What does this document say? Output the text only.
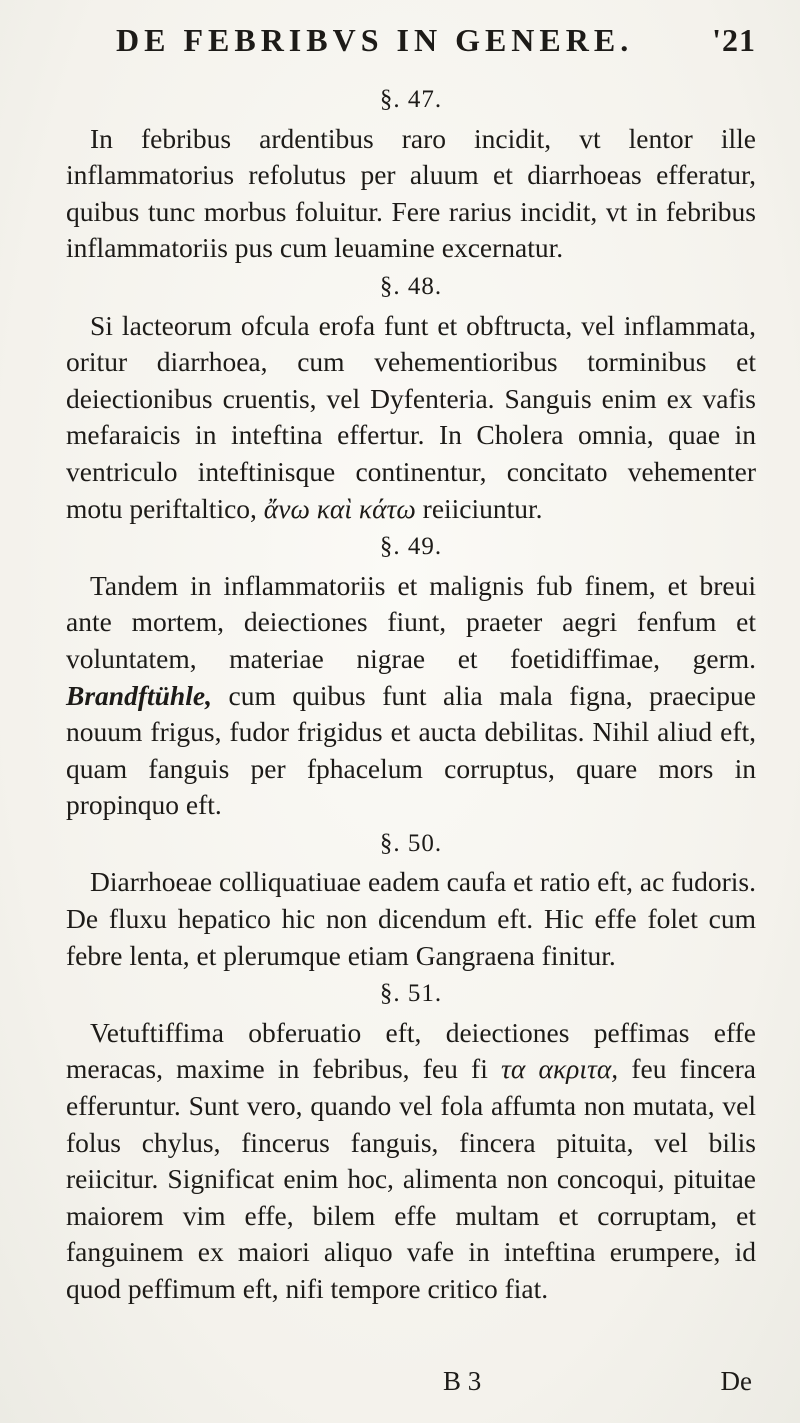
DE FEBRIBVS IN GENERE. '21
§. 47.

In febribus ardentibus raro incidit, vt lentor ille inflammatorius refolutus per aluum et diarrhoeas efferatur, quibus tunc morbus foluitur. Fere rarius incidit, vt in febribus inflammatoriis pus cum leuamine excernatur.

§. 48.

Si lacteorum ofcula erofa funt et obftructa, vel inflammata, oritur diarrhoea, cum vehementioribus torminibus et deiectionibus cruentis, vel Dyfenteria. Sanguis enim ex vafis mefaraicis in inteftina effertur. In Cholera omnia, quae in ventriculo inteftinisque continentur, concitato vehementer motu periftaltico, ἄνω καὶ κάτω reiiciuntur.

§. 49.

Tandem in inflammatoriis et malignis fub finem, et breui ante mortem, deiectiones fiunt, praeter aegri fenfum et voluntatem, materiae nigrae et foetidiffimae, germ. Brandftühle, cum quibus funt alia mala figna, praecipue nouum frigus, fudor frigidus et aucta debilitas. Nihil aliud eft, quam fanguis per fphacelum corruptus, quare mors in propinquo eft.

§. 50.

Diarrhoeae colliquatiuae eadem caufa et ratio eft, ac fudoris. De fluxu hepatico hic non dicendum eft. Hic effe folet cum febre lenta, et plerumque etiam Gangraena finitur.

§. 51.

Vetuftiffima obferuatio eft, deiectiones peffimas effe meracas, maxime in febribus, feu fi τα ακριτα, feu fincera efferuntur. Sunt vero, quando vel fola affumta non mutata, vel folus chylus, fincerus fanguis, fincera pituita, vel bilis reiicitur. Significat enim hoc, alimenta non concoqui, pituitae maiorem vim effe, bilem effe multam et corruptam, et fanguinem ex maiori aliquo vafe in inteftina erumpere, id quod peffimum eft, nifi tempore critico fiat.

B 3	De
